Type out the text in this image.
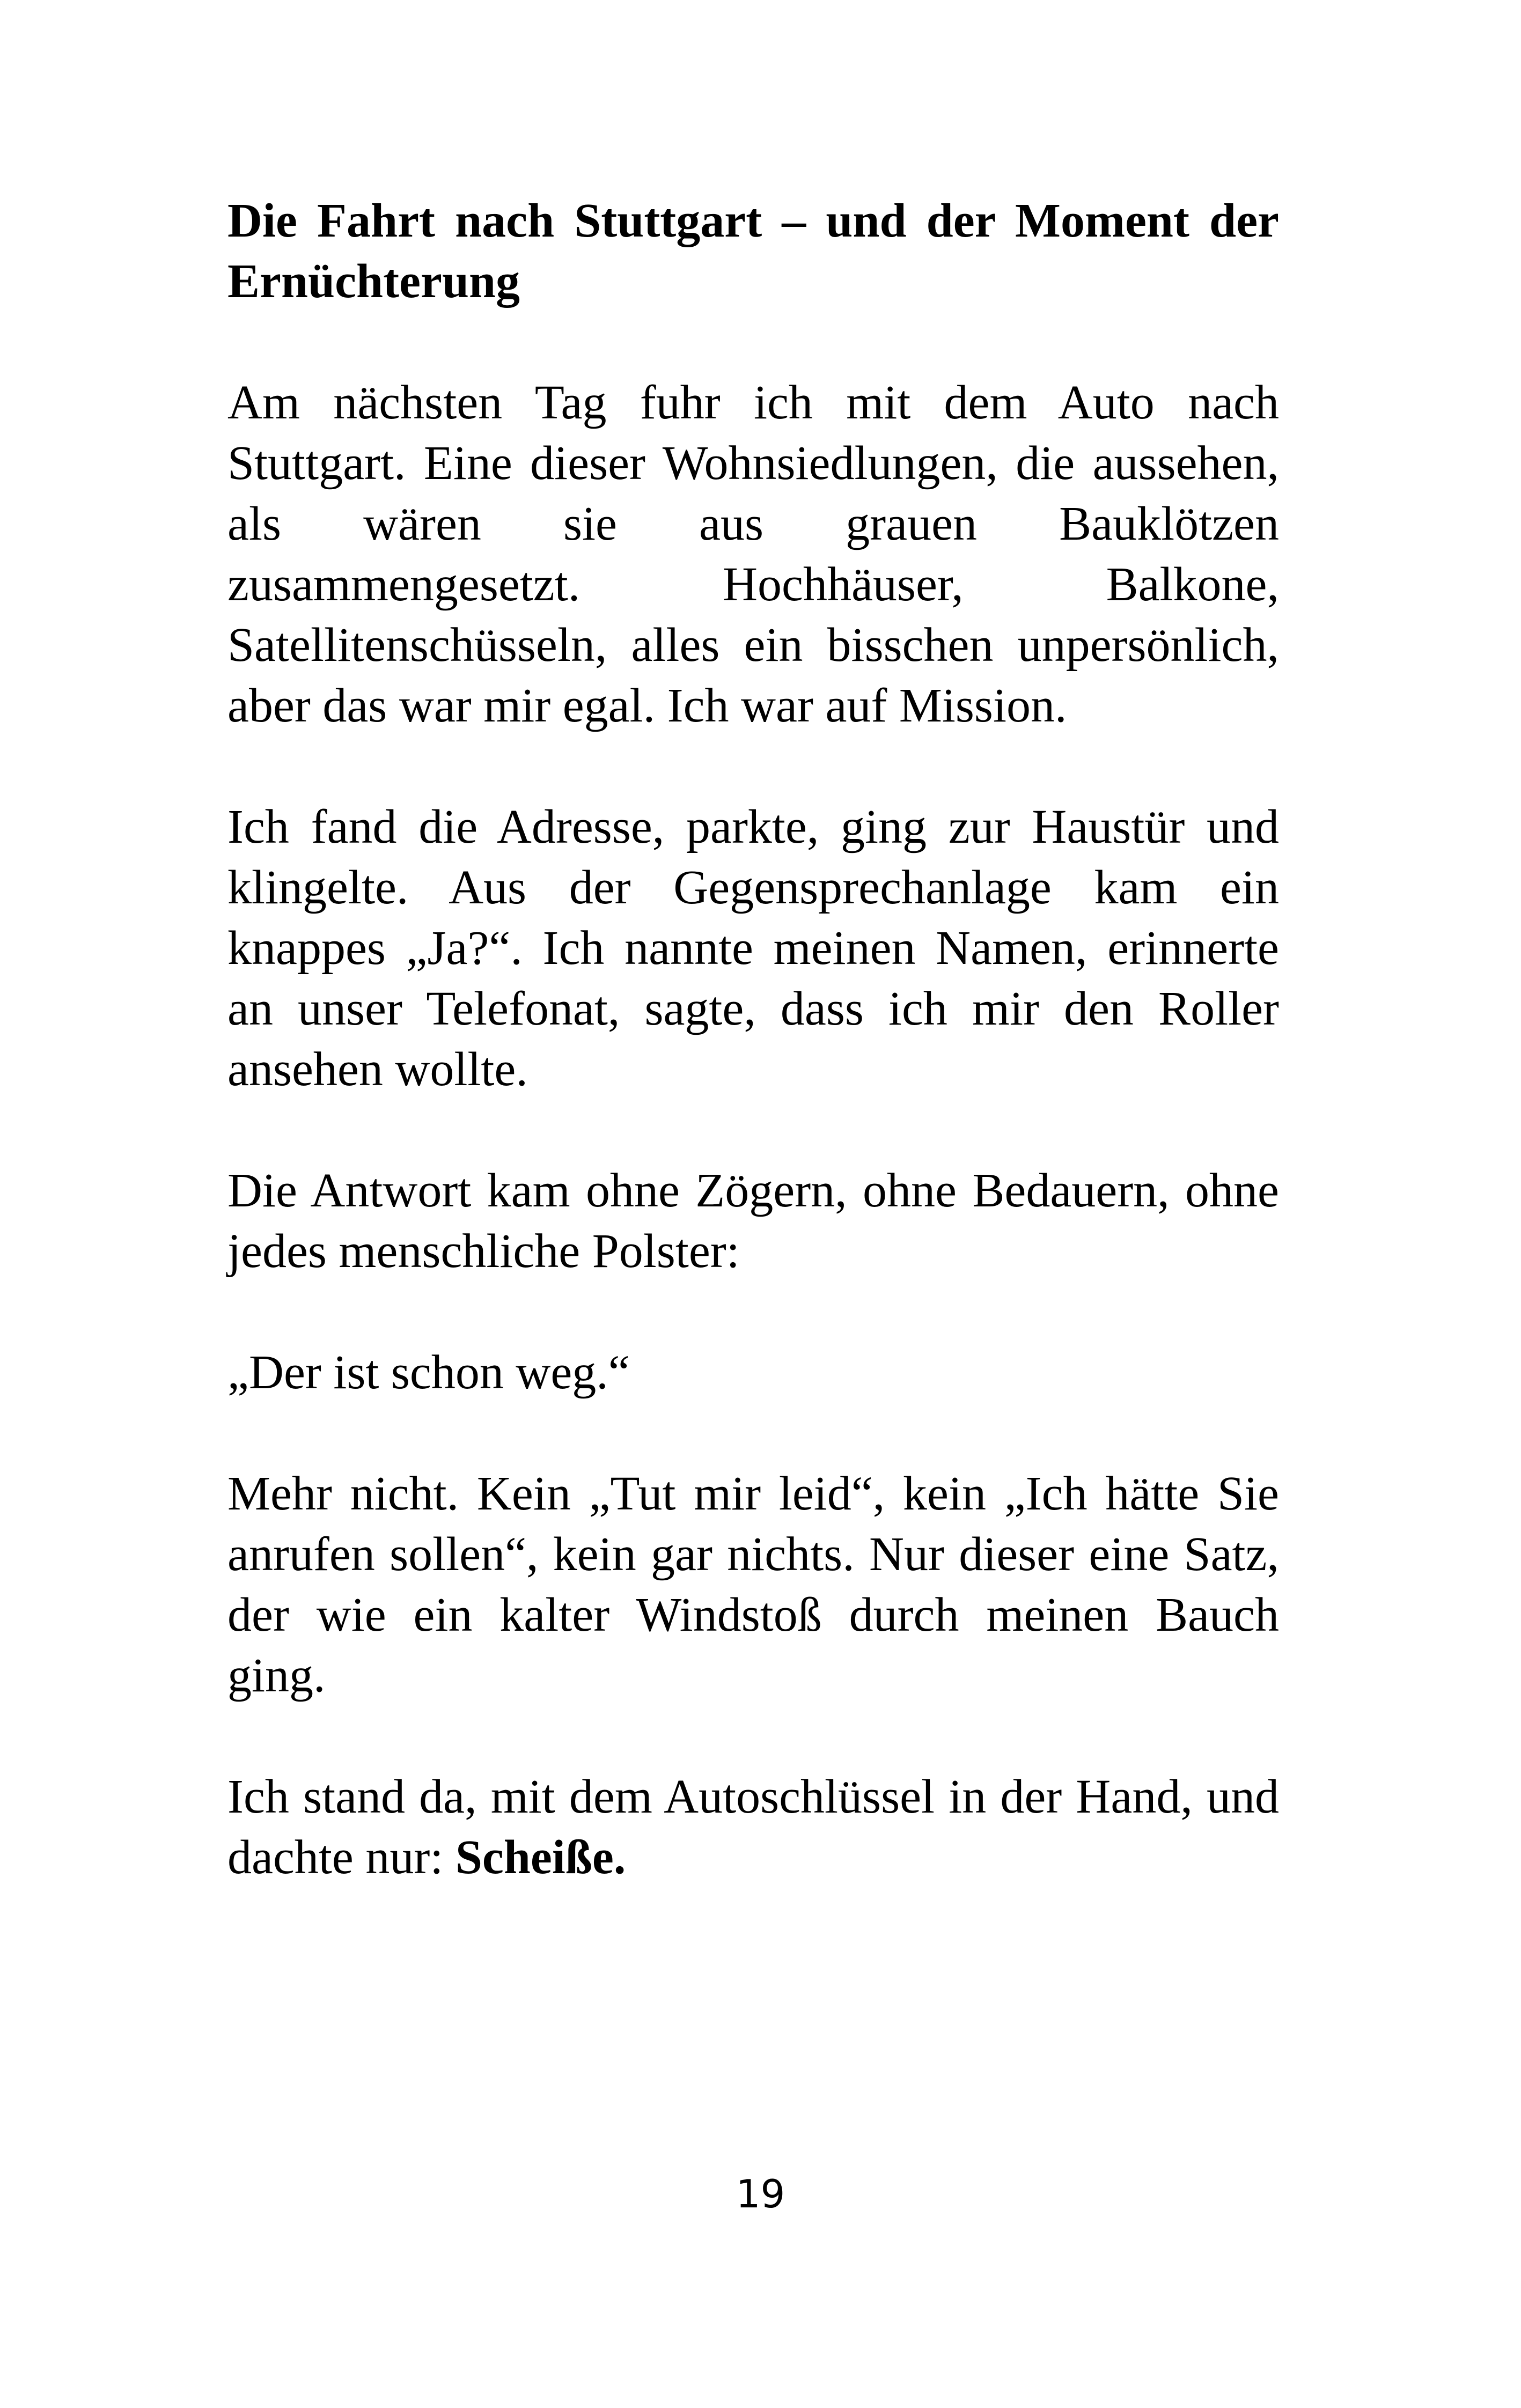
Die Fahrt nach Stuttgart – und der Moment der Ernüchterung

Am nächsten Tag fuhr ich mit dem Auto nach Stuttgart. Eine dieser Wohnsiedlungen, die aussehen, als wären sie aus grauen Bauklötzen zusammengesetzt. Hochhäuser, Balkone, Satellitenschüsseln, alles ein bisschen unpersönlich, aber das war mir egal. Ich war auf Mission.

Ich fand die Adresse, parkte, ging zur Haustür und klingelte. Aus der Gegensprechanlage kam ein knappes „Ja?“. Ich nannte meinen Namen, erinnerte an unser Telefonat, sagte, dass ich mir den Roller ansehen wollte.

Die Antwort kam ohne Zögern, ohne Bedauern, ohne jedes menschliche Polster:

„Der ist schon weg.“

Mehr nicht. Kein „Tut mir leid“, kein „Ich hätte Sie anrufen sollen“, kein gar nichts. Nur dieser eine Satz, der wie ein kalter Windstoß durch meinen Bauch ging.

Ich stand da, mit dem Autoschlüssel in der Hand, und dachte nur: Scheiße.

19
